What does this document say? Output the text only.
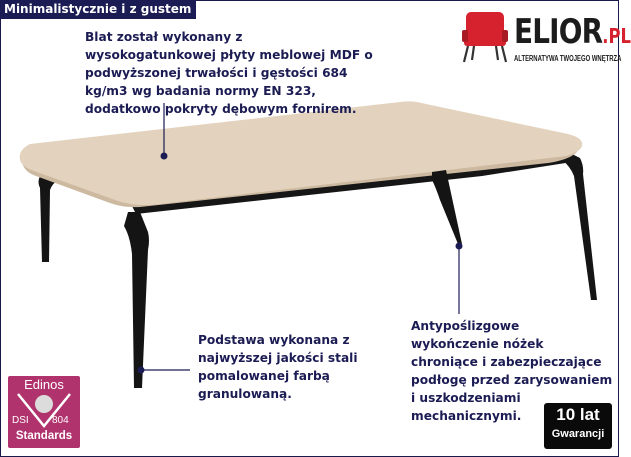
Minimalistycznie i z gustem
Blat został wykonany z
wysokogatunkowej płyty meblowej MDF o
podwyższonej trwałości i gęstości 684
kg/m3 wg badania normy EN 323,
dodatkowo pokryty dębowym fornirem.
Podstawa wykonana z
najwyższej jakości stali
pomalowanej farbą
granulowaną.
Antypoślizgowe
wykończenie nóżek
chroniące i zabezpieczające
podłogę przed zarysowaniem
i uszkodzeniami
mechanicznymi.
ELIOR.PL
ALTERNATYWA TWOJEGO WNĘTRZA
Edinos
DSI 804
Standards
10 lat
Gwarancji
